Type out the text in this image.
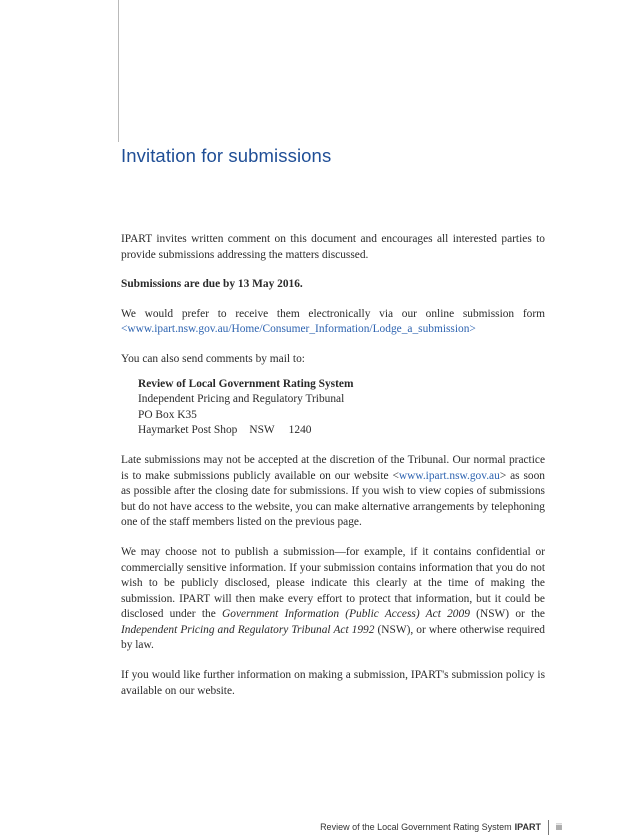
Invitation for submissions

IPART invites written comment on this document and encourages all interested parties to provide submissions addressing the matters discussed.

Submissions are due by 13 May 2016.

We would prefer to receive them electronically via our online submission form <www.ipart.nsw.gov.au/Home/Consumer_Information/Lodge_a_submission>

You can also send comments by mail to:

Review of Local Government Rating System
Independent Pricing and Regulatory Tribunal
PO Box K35
Haymarket Post Shop NSW 1240

Late submissions may not be accepted at the discretion of the Tribunal. Our normal practice is to make submissions publicly available on our website <www.ipart.nsw.gov.au> as soon as possible after the closing date for submissions. If you wish to view copies of submissions but do not have access to the website, you can make alternative arrangements by telephoning one of the staff members listed on the previous page.

We may choose not to publish a submission—for example, if it contains confidential or commercially sensitive information. If your submission contains information that you do not wish to be publicly disclosed, please indicate this clearly at the time of making the submission. IPART will then make every effort to protect that information, but it could be disclosed under the Government Information (Public Access) Act 2009 (NSW) or the Independent Pricing and Regulatory Tribunal Act 1992 (NSW), or where otherwise required by law.

If you would like further information on making a submission, IPART's submission policy is available on our website.

Review of the Local Government Rating System IPART iii
